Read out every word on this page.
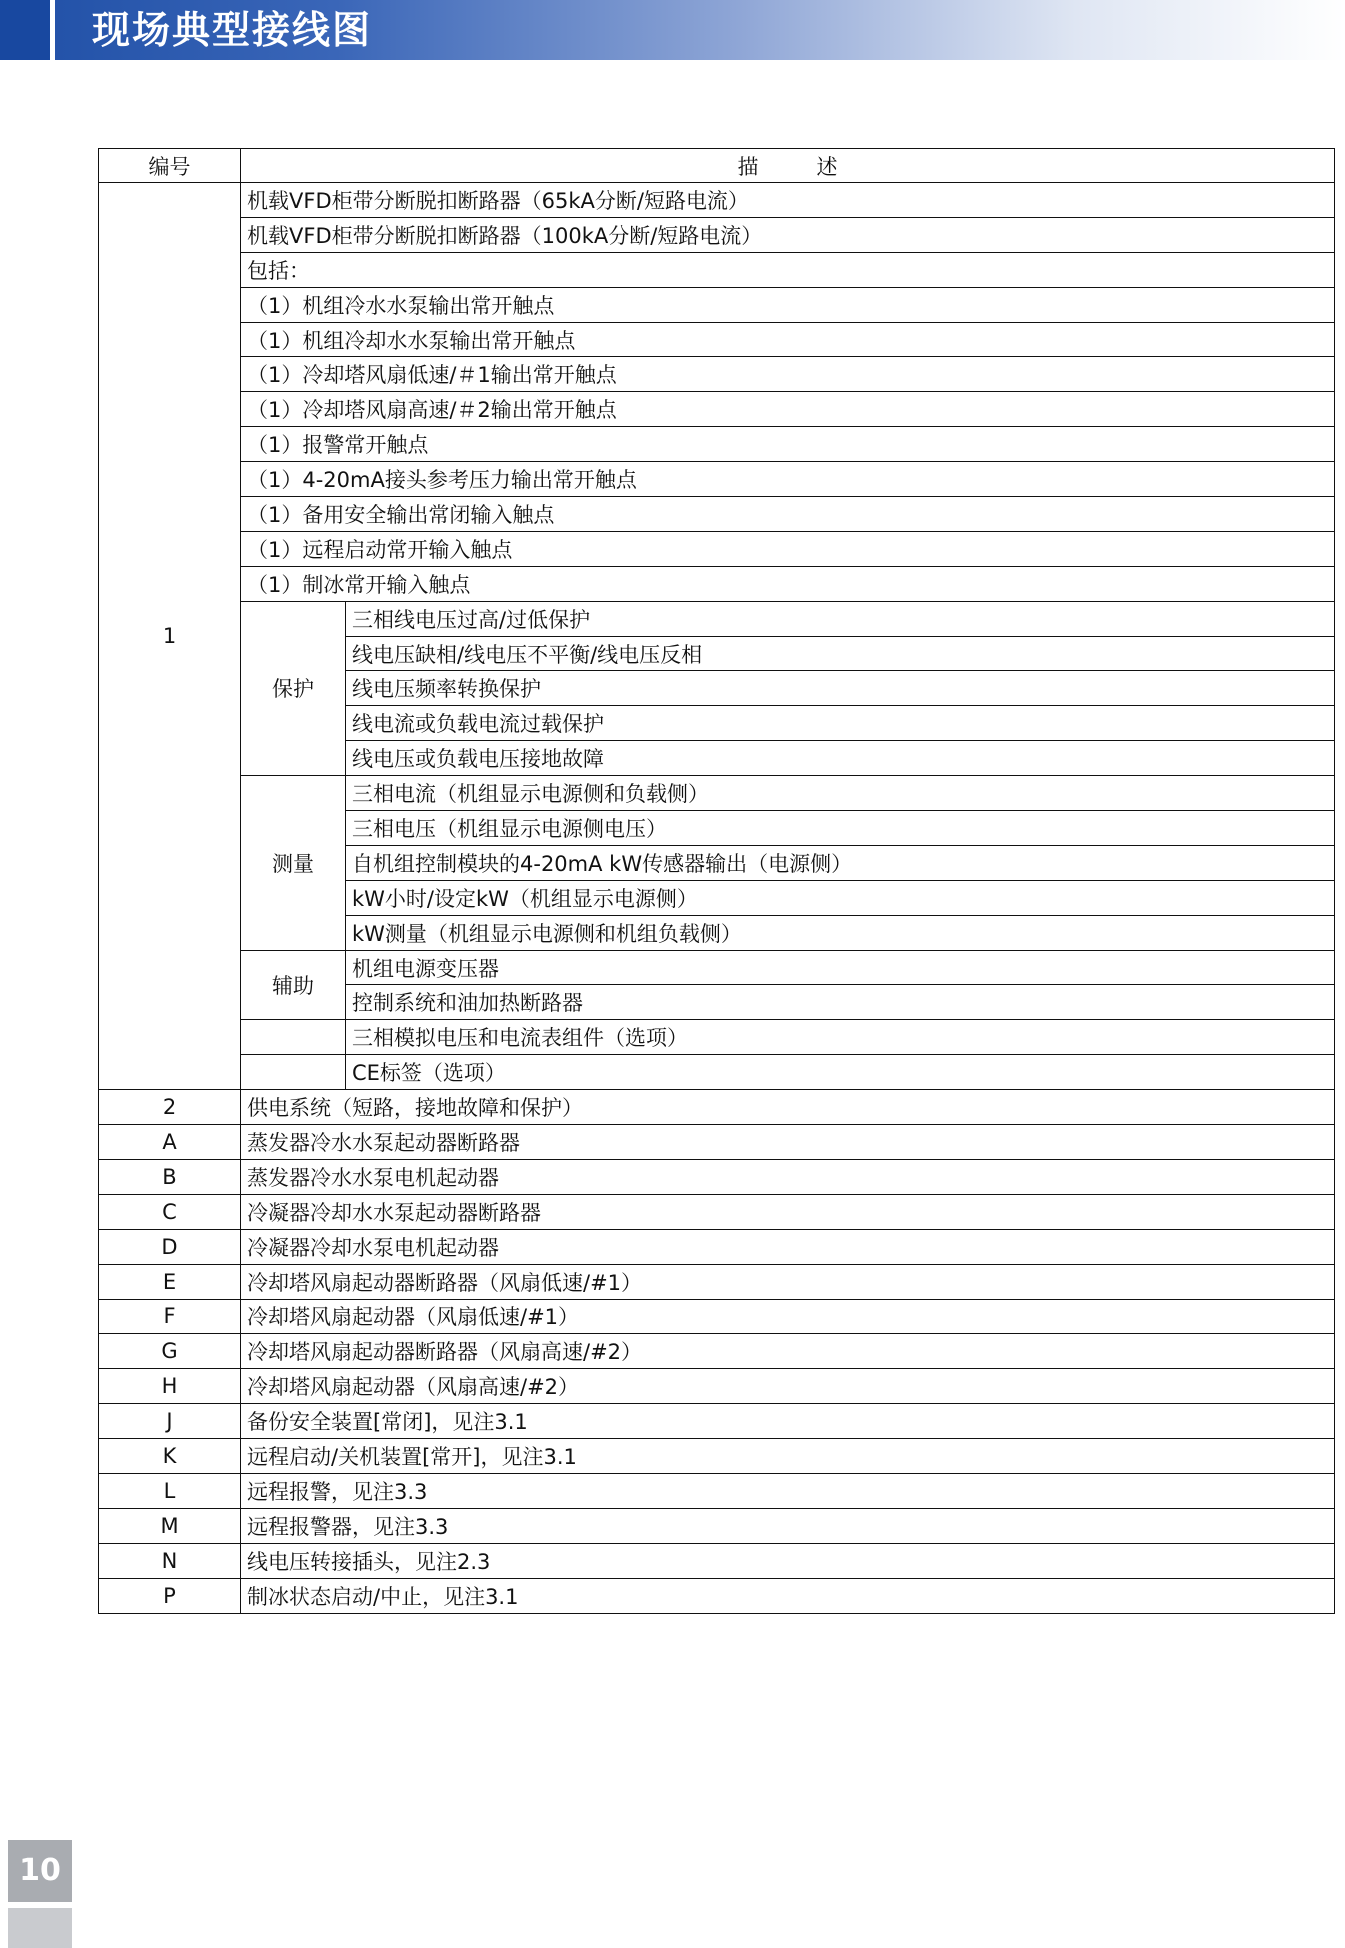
现场典型接线图
编号	描述	
1	机载VFD柜带分断脱扣断路器（65kA分断/短路电流）	
	机载VFD柜带分断脱扣断路器（100kA分断/短路电流）	
	包括：	
	（1）机组冷水水泵输出常开触点	
	（1）机组冷却水水泵输出常开触点	
	（1）冷却塔风扇低速/＃1输出常开触点	
	（1）冷却塔风扇高速/＃2输出常开触点	
	（1）报警常开触点	
	（1）4-20mA接头参考压力输出常开触点	
	（1）备用安全输出常闭输入触点	
	（1）远程启动常开输入触点	
	（1）制冰常开输入触点	
	保护	三相线电压过高/过低保护
		线电压缺相/线电压不平衡/线电压反相
		线电压频率转换保护
		线电流或负载电流过载保护
		线电压或负载电压接地故障
	测量	三相电流（机组显示电源侧和负载侧）
		三相电压（机组显示电源侧电压）
		自机组控制模块的4-20mA kW传感器输出（电源侧）
		kW小时/设定kW（机组显示电源侧）
		kW测量（机组显示电源侧和机组负载侧）
	辅助	机组电源变压器
		控制系统和油加热断路器
		三相模拟电压和电流表组件（选项）
		CE标签（选项）
2	供电系统（短路，接地故障和保护）	
A	蒸发器冷水水泵起动器断路器	
B	蒸发器冷水水泵电机起动器	
C	冷凝器冷却水水泵起动器断路器	
D	冷凝器冷却水泵电机起动器	
E	冷却塔风扇起动器断路器（风扇低速/#1）	
F	冷却塔风扇起动器（风扇低速/#1）	
G	冷却塔风扇起动器断路器（风扇高速/#2）	
H	冷却塔风扇起动器（风扇高速/#2）	
J	备份安全装置[常闭]，见注3.1	
K	远程启动/关机装置[常开]，见注3.1	
L	远程报警，见注3.3	
M	远程报警器，见注3.3	
N	线电压转接插头，见注2.3	
P	制冰状态启动/中止，见注3.1	
10
